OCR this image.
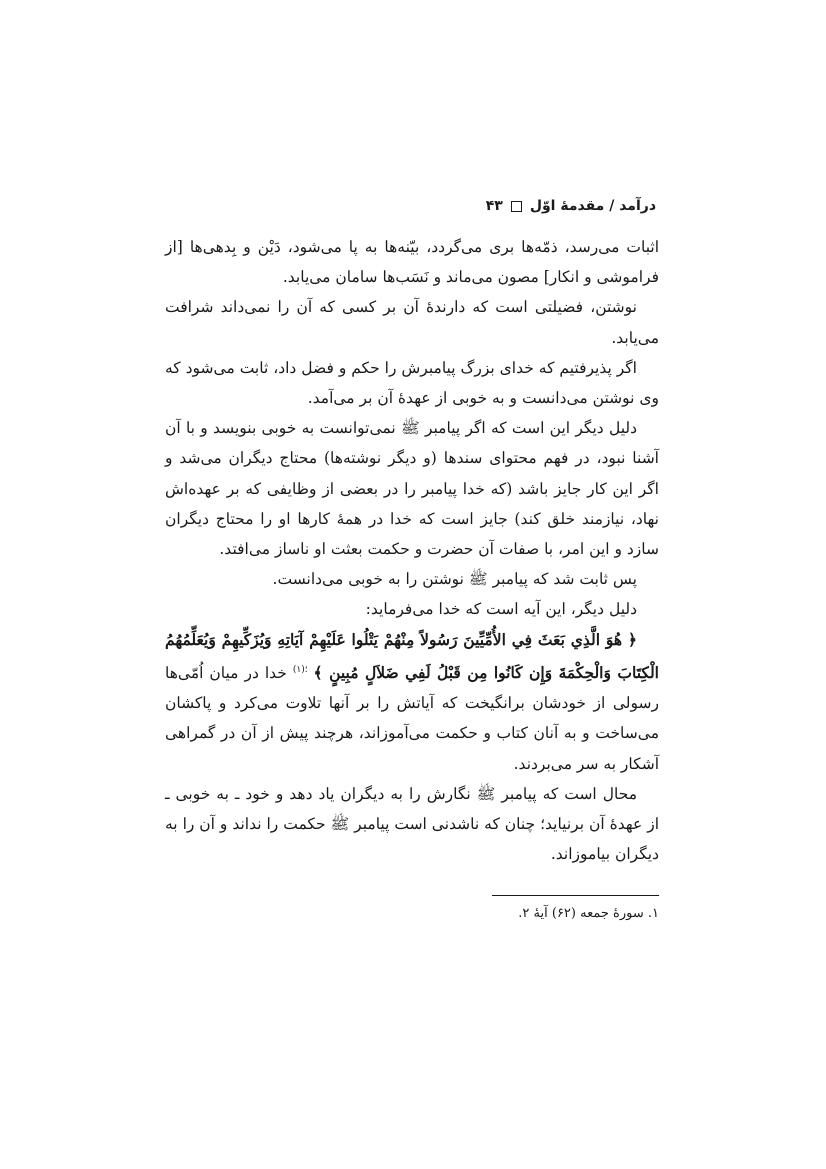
درآمد / مقدمهٔ اوّل
۴۳

اثبات می‌رسد، ذمّه‌ها بری می‌گردد، بیّنه‌ها به پا می‌شود، دَیْن و بِدهی‌ها [از فراموشی و انکار] مصون می‌ماند و نَسَب‌ها سامان می‌یابد.

نوشتن، فضیلتی است که دارندهٔ آن بر کسی که آن را نمی‌داند شرافت می‌یابد.

اگر پذیرفتیم که خدای بزرگ پیامبرش را حکم و فضل داد، ثابت می‌شود که وی نوشتن می‌دانست و به خوبی از عهدهٔ آن بر می‌آمد.

دلیل دیگر این است که اگر پیامبر ﷺ نمی‌توانست به خوبی بنویسد و با آن آشنا نبود، در فهم محتوای سندها (و دیگر نوشته‌ها) محتاج دیگران می‌شد و اگر این کار جایز باشد (که خدا پیامبر را در بعضی از وظایفی که بر عهده‌اش نهاد، نیازمند خلق کند) جایز است که خدا در همهٔ کارها او را محتاج دیگران سازد و این امر، با صفات آن حضرت و حکمت بعثت او ناساز می‌افتد.

پس ثابت شد که پیامبر ﷺ نوشتن را به خوبی می‌دانست.

دلیل دیگر، این آیه است که خدا می‌فرماید:

﴿ هُوَ الَّذِي بَعَثَ فِي الأُمِّيِّينَ رَسُولاً مِنْهُمْ يَتْلُوا عَلَيْهِمْ آيَاتِهِ وَيُزَكِّيهِمْ وَيُعَلِّمُهُمُ الْكِتَابَ وَالْحِكْمَةَ وَإِن كَانُوا مِن قَبْلُ لَفِي ضَلاَلٍ مُبِينٍ ﴾ $^{؛(۱)}$ خدا در میان اُمّی‌ها رسولی از خودشان برانگیخت که آیاتش را بر آنها تلاوت می‌کرد و پاکشان می‌ساخت و به آنان کتاب و حکمت می‌آموزاند، هرچند پیش از آن در گمراهی آشکار به سر می‌بردند.

محال است که پیامبر ﷺ نگارش را به دیگران یاد دهد و خود ـ به خوبی ـ از عهدهٔ آن برنیاید؛ چنان که ناشدنی است پیامبر ﷺ حکمت را نداند و آن را به دیگران بیاموزاند.

۱. سورهٔ جمعه (۶۲) آیهٔ ۲.
